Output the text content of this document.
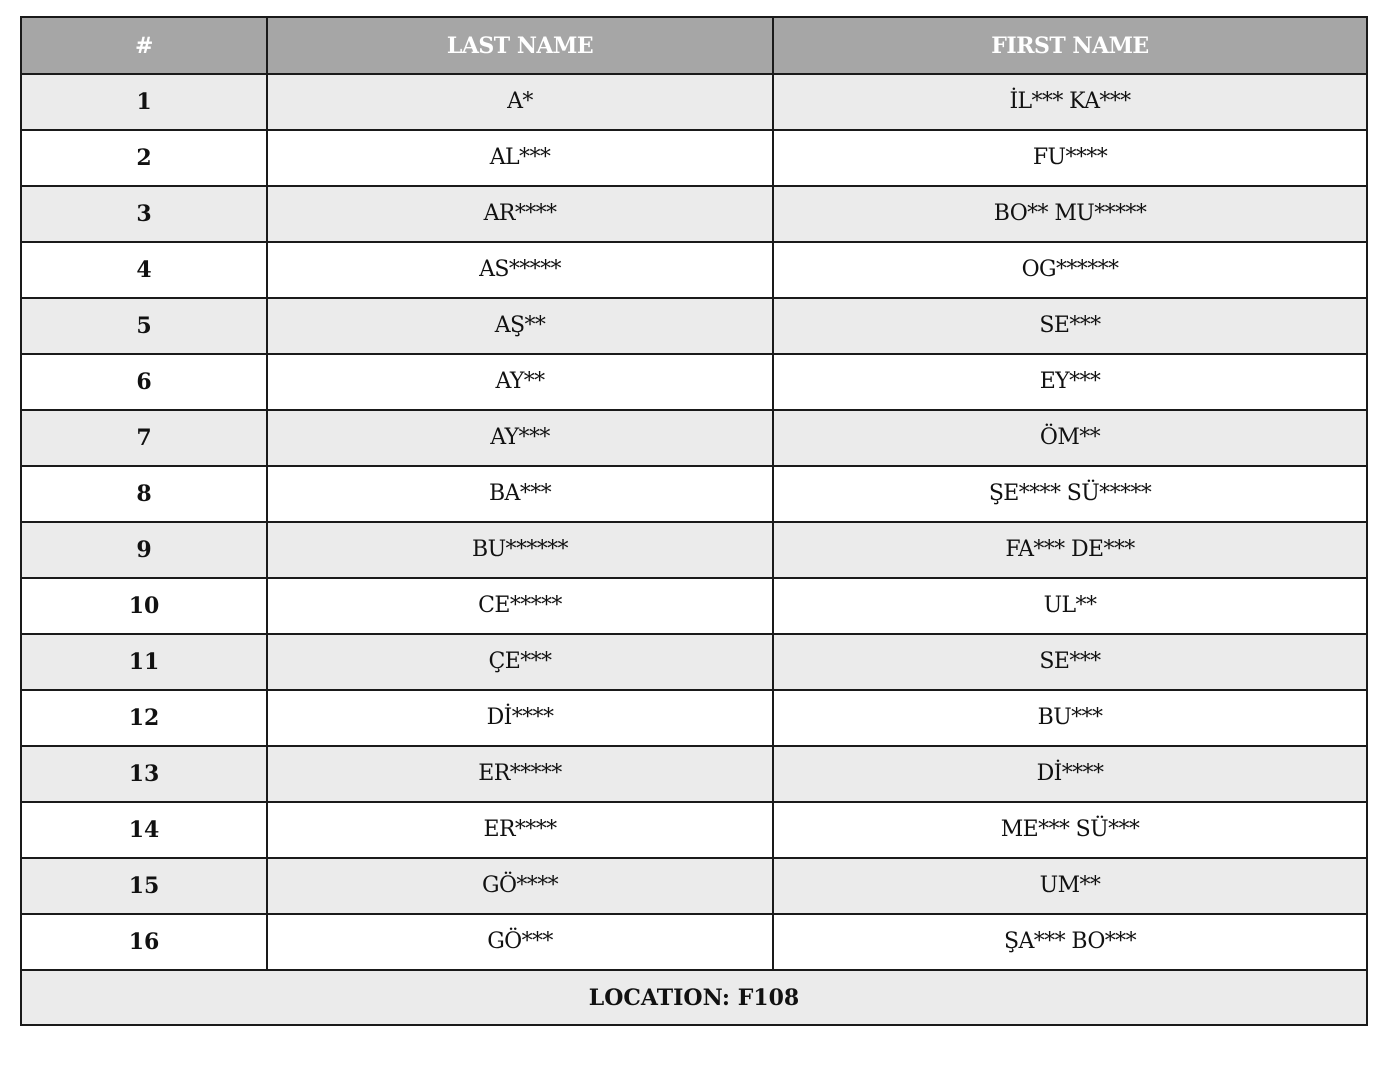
#	LAST NAME	FIRST NAME
1	A*	İL*** KA***
2	AL***	FU****
3	AR****	BO** MU*****
4	AS*****	OG******
5	AŞ**	SE***
6	AY**	EY***
7	AY***	ÖM**
8	BA***	ŞE**** SÜ*****
9	BU******	FA*** DE***
10	CE*****	UL**
11	ÇE***	SE***
12	Dİ****	BU***
13	ER*****	Dİ****
14	ER****	ME*** SÜ***
15	GÖ****	UM**
16	GÖ***	ŞA*** BO***
LOCATION: F108		
